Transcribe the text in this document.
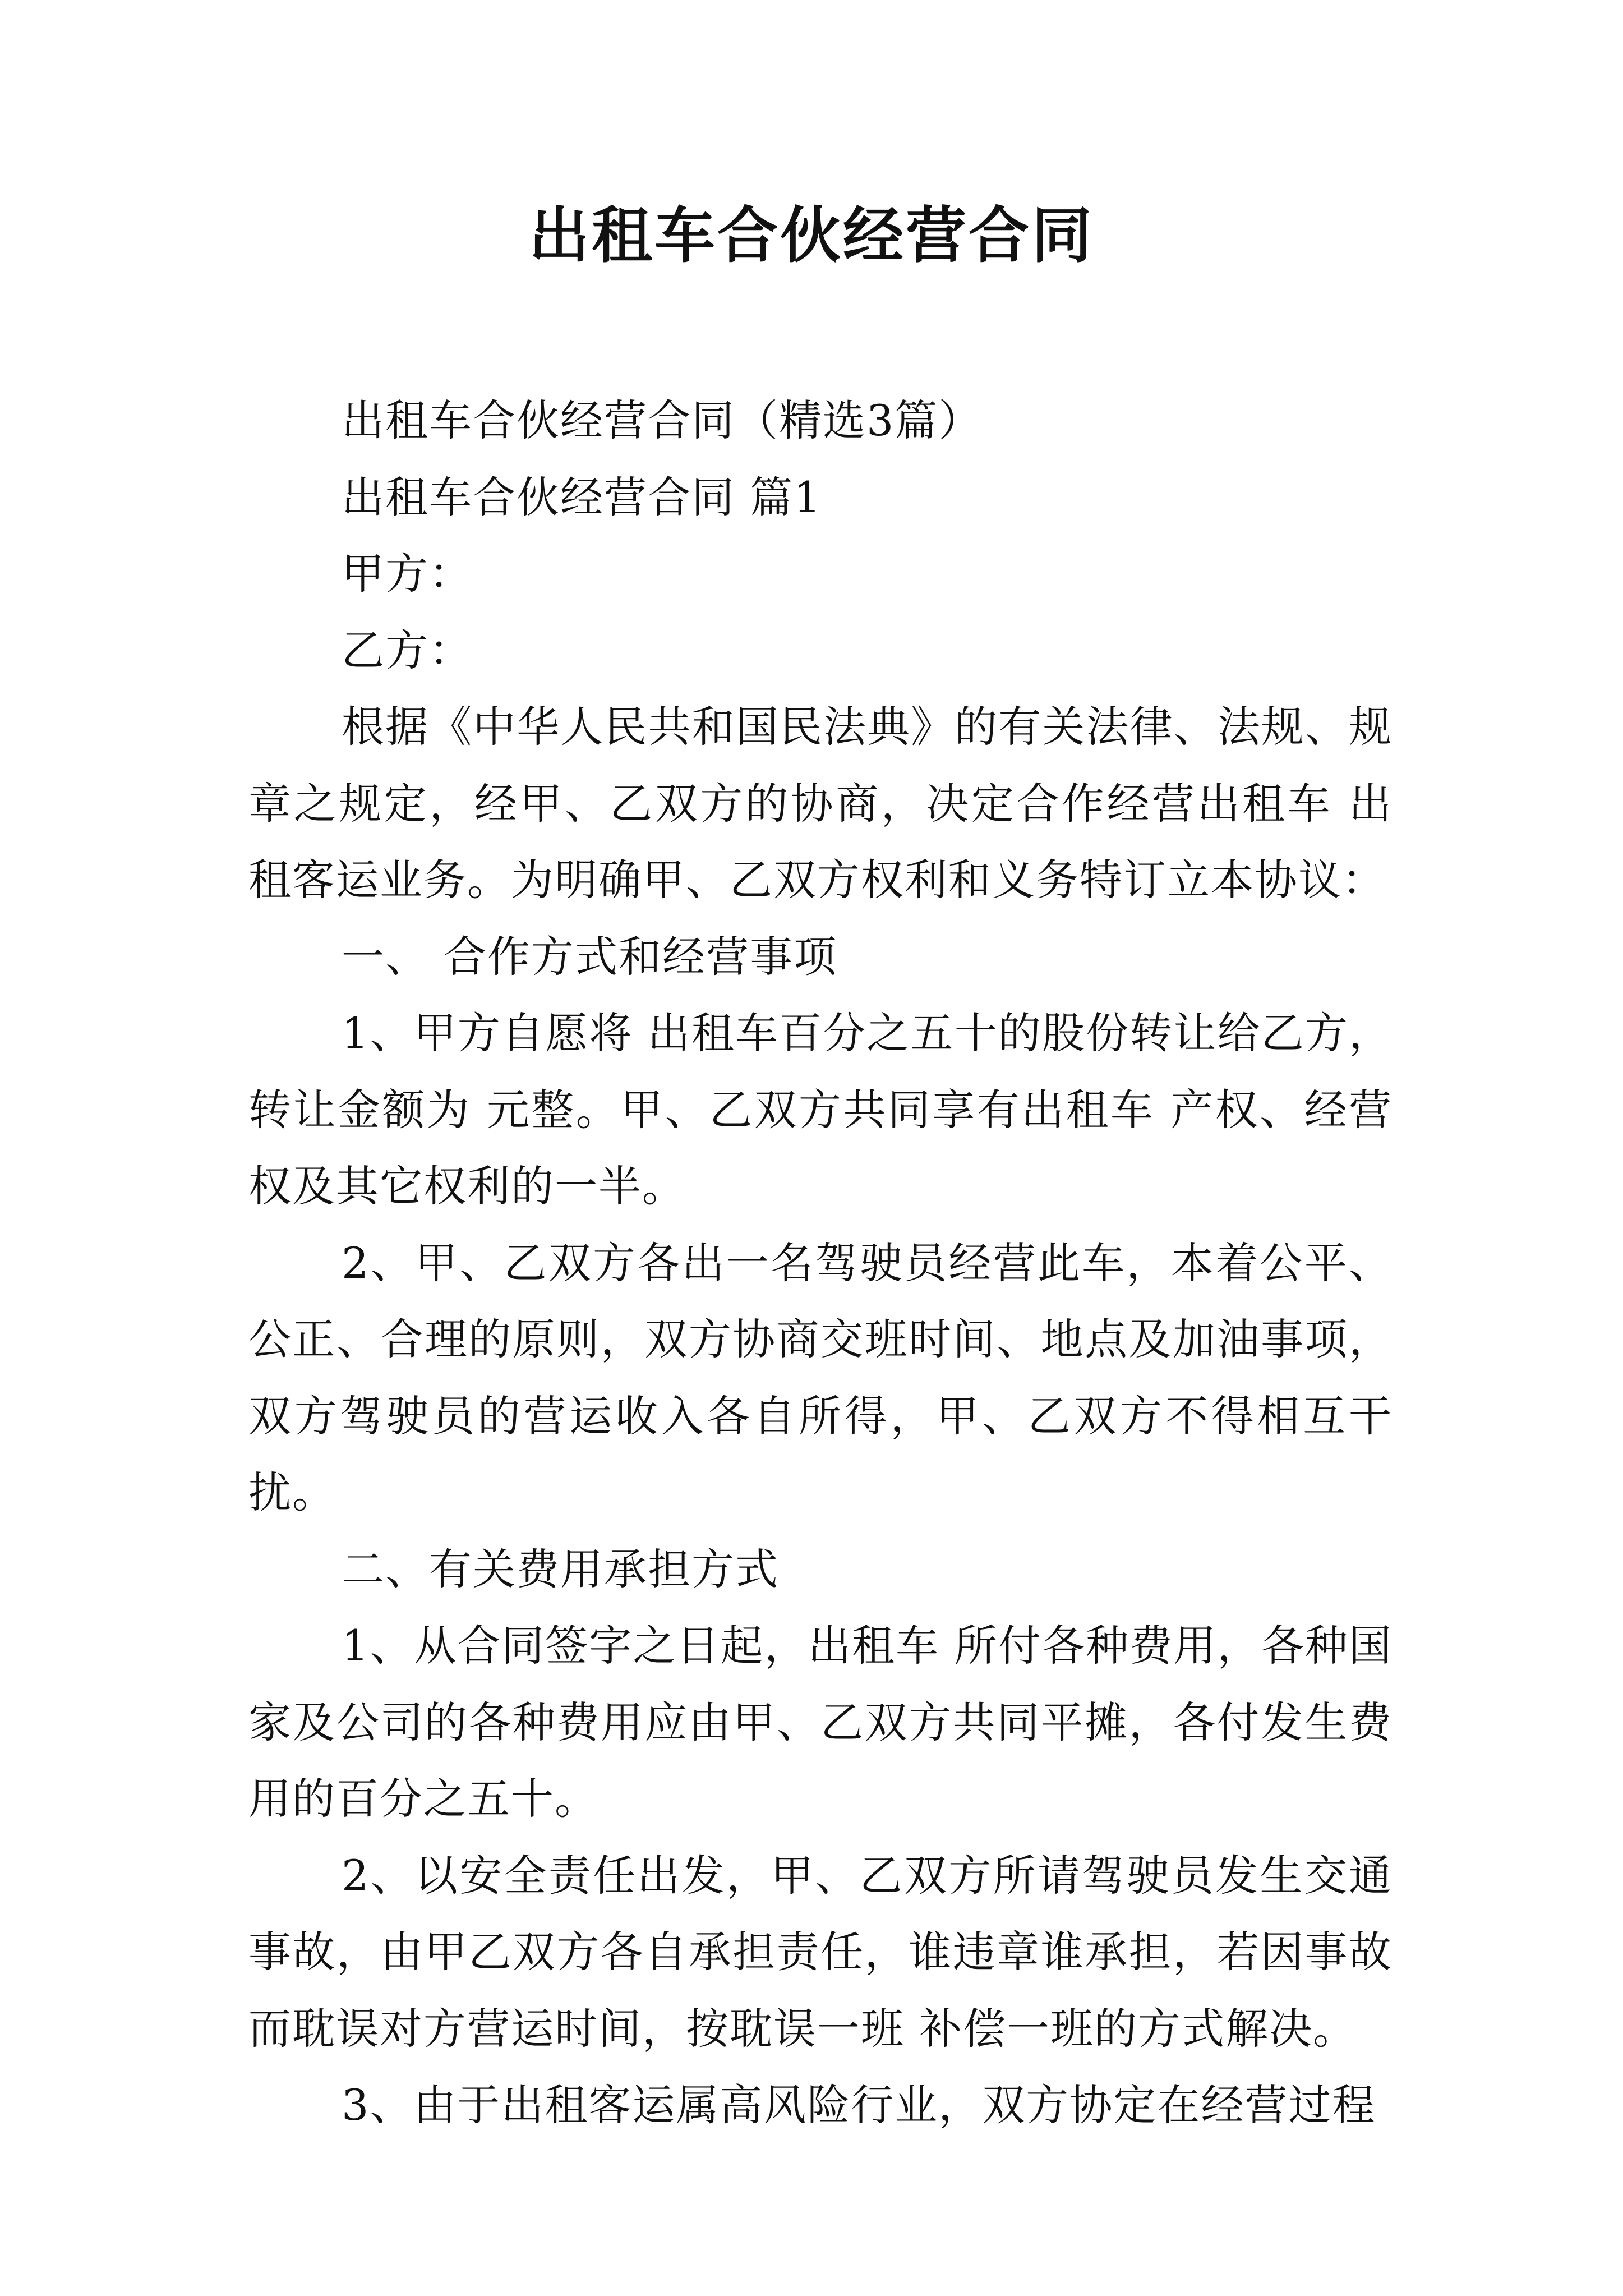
出租车合伙经营合同

出租车合伙经营合同（精选3篇）

出租车合伙经营合同 篇1

甲方：

乙方：

根据《中华人民共和国民法典》的有关法律、法规、规章之规定，经甲、乙双方的协商，决定合作经营出租车 出租客运业务。为明确甲、乙双方权利和义务特订立本协议：

一、 合作方式和经营事项

1、甲方自愿将 出租车百分之五十的股份转让给乙方，转让金额为 元整。甲、乙双方共同享有出租车 产权、经营权及其它权利的一半。

2、甲、乙双方各出一名驾驶员经营此车，本着公平、公正、合理的原则，双方协商交班时间、地点及加油事项，双方驾驶员的营运收入各自所得，甲、乙双方不得相互干扰。

二、有关费用承担方式

1、从合同签字之日起，出租车 所付各种费用，各种国家及公司的各种费用应由甲、乙双方共同平摊，各付发生费用的百分之五十。

2、以安全责任出发，甲、乙双方所请驾驶员发生交通事故，由甲乙双方各自承担责任，谁违章谁承担，若因事故而耽误对方营运时间，按耽误一班 补偿一班的方式解决。

3、由于出租客运属高风险行业，双方协定在经营过程
